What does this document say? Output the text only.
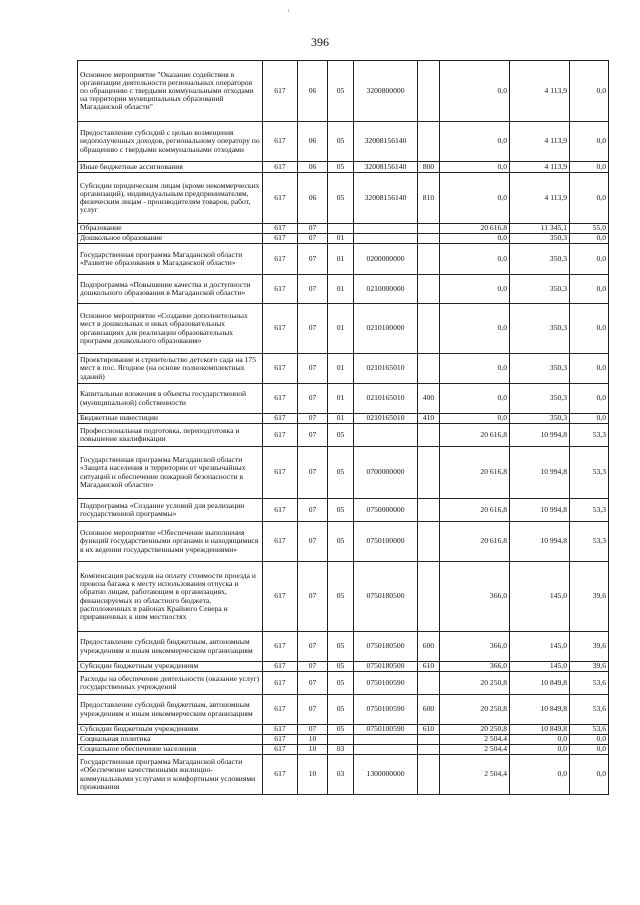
ꞌ
396
Основное мероприятие "Оказание содействия в организации деятельности региональных операторов по обращению с твердыми коммунальными отходами на территории муниципальных образований Магаданской области"	617	06	05	3200800000		0,0	4 113,9	0,0
Предоставление субсидий с целью возмещения недополученных доходов, региональному оператору по обращению с твердыми коммунальными отходами	617	06	05	32008156140		0,0	4 113,9	0,0
Иные бюджетные ассигнования	617	06	05	32008156140	800	0,0	4 113,9	0,0
Субсидии юридическим лицам (кроме некоммерческих организаций), индивидуальным предпринимателям, физическим лицам - производителям товаров, работ, услуг	617	06	05	32008156140	810	0,0	4 113,9	0,0
Образование	617	07				20 616,8	11 345,1	55,0
Дошкольное образование	617	07	01			0,0	350,3	0,0
Государственная программа Магаданской области «Развитие образования в Магаданской области»	617	07	01	0200000000		0,0	350,3	0,0
Подпрограмма «Повышение качества и доступности дошкольного образования в Магаданской области»	617	07	01	0210000000		0,0	350,3	0,0
Основное мероприятие «Создание дополнительных мест в дошкольных и иных образовательных организациях для реализации образовательных программ дошкольного образования»	617	07	01	0210100000		0,0	350,3	0,0
Проектирование и строительство детского сада на 175 мест в пос. Ягодное (на основе полнокомплектных зданий)	617	07	01	0210165010		0,0	350,3	0,0
Капитальные вложения в объекты государственной (муниципальной) собственности	617	07	01	0210165010	400	0,0	350,3	0,0
Бюджетные инвестиции	617	07	01	0210165010	410	0,0	350,3	0,0
Профессиональная подготовка, переподготовка и повышение квалификации	617	07	05			20 616,8	10 994,8	53,3
Государственная программа Магаданской области «Защита населения и территории от чрезвычайных ситуаций и обеспечение пожарной безопасности в Магаданской области»	617	07	05	0700000000		20 616,8	10 994,8	53,3
Подпрограмма «Создание условий для реализации государственной программы»	617	07	05	0750000000		20 616,8	10 994,8	53,3
Основное мероприятие «Обеспечение выполнения функций государственными органами и находящимися в их ведении государственными учреждениями»	617	07	05	0750100000		20 616,8	10 994,8	53,3
Компенсация расходов на оплату стоимости проезда и провоза багажа к месту использования отпуска и обратно лицам, работающим в организациях, финансируемых из областного бюджета, расположенных в районах Крайнего Севера и приравненных к ним местностях	617	07	05	0750180500		366,0	145,0	39,6
Предоставление субсидий бюджетным, автономным учреждениям и иным некоммерческим организациям	617	07	05	0750180500	600	366,0	145,0	39,6
Субсидии бюджетным учреждениям	617	07	05	0750180500	610	366,0	145,0	39,6
Расходы на обеспечение деятельности (оказание услуг) государственных учреждений	617	07	05	0750100590		20 250,8	10 849,8	53,6
Предоставление субсидий бюджетным, автономным учреждениям и иным некоммерческим организациям	617	07	05	0750100590	600	20 250,8	10 849,8	53,6
Субсидии бюджетным учреждениям	617	07	05	0750100590	610	20 250,8	10 849,8	53,6
Социальная политика	617	10				2 504,4	0,0	0,0
Социальное обеспечение населения	617	10	03			2 504,4	0,0	0,0
Государственная программа Магаданской области «Обеспечение качественными жилищно-коммунальными услугами и комфортными условиями проживания	617	10	03	1300000000		2 504,4	0,0	0,0
